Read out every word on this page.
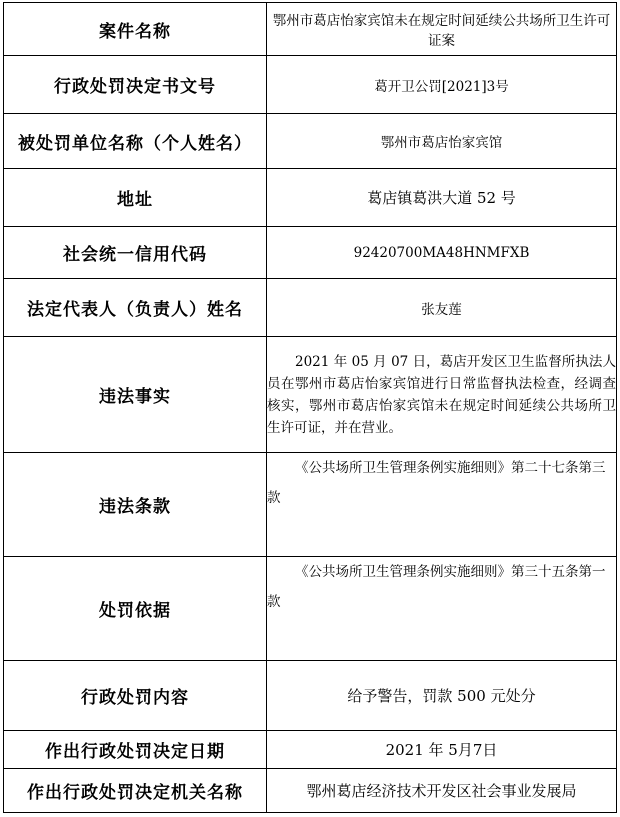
案件名称	鄂州市葛店怡家宾馆未在规定时间延续公共场所卫生许可证案
行政处罚决定书文号	葛开卫公罚[2021]3号
被处罚单位名称（个人姓名）	鄂州市葛店怡家宾馆
地址	葛店镇葛洪大道 52 号
社会统一信用代码	92420700MA48HNMFXB
法定代表人（负责人）姓名	张友莲
违法事实	2021 年 05 月 07 日，葛店开发区卫生监督所执法人员在鄂州市葛店怡家宾馆进行日常监督执法检查，经调查核实，鄂州市葛店怡家宾馆未在规定时间延续公共场所卫生许可证，并在营业。

违法条款	《公共场所卫生管理条例实施细则》第二十七条第三款

处罚依据	《公共场所卫生管理条例实施细则》第三十五条第一款

行政处罚内容	给予警告，罚款 500 元处分
作出行政处罚决定日期	2021 年 5月7日
作出行政处罚决定机关名称	鄂州葛店经济技术开发区社会事业发展局
